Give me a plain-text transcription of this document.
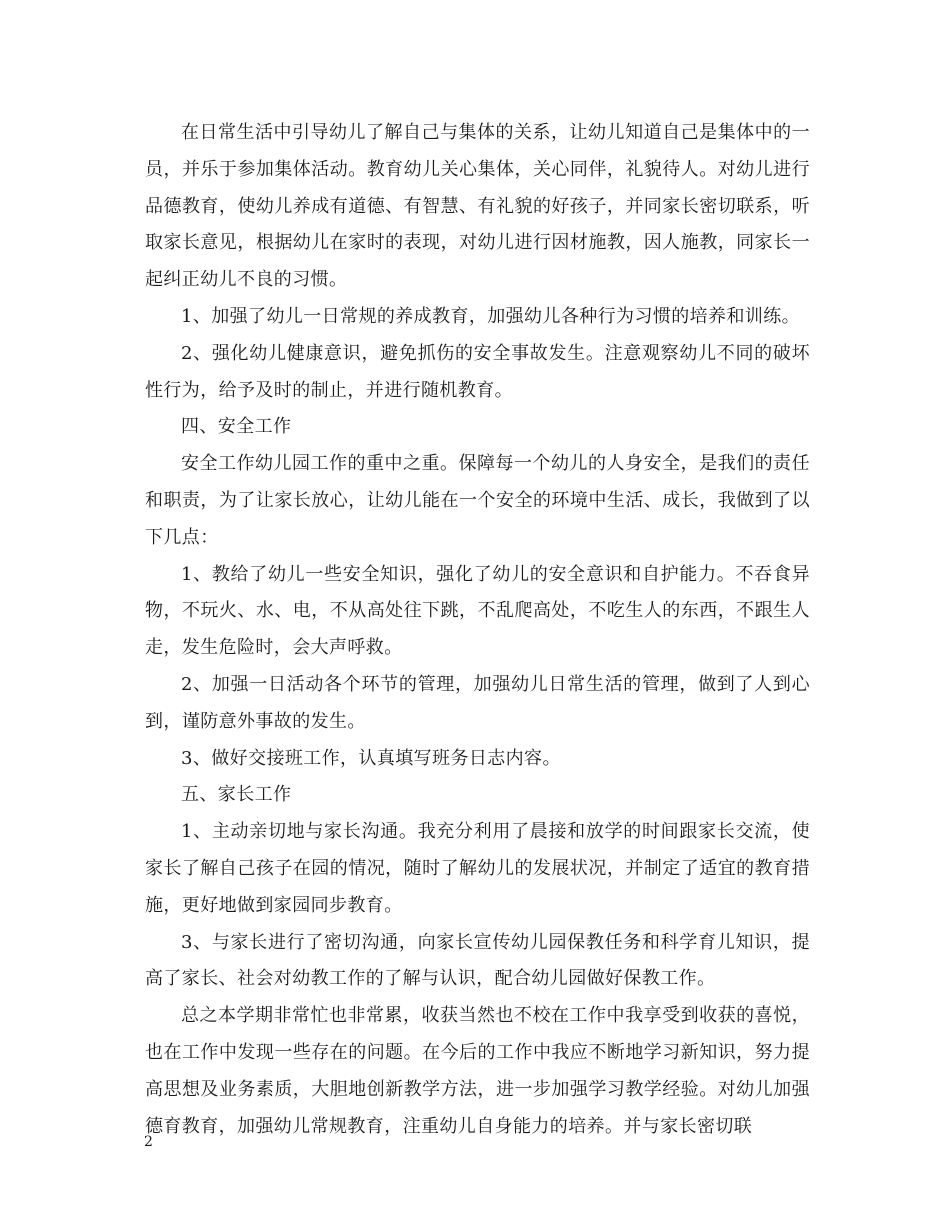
在日常生活中引导幼儿了解自己与集体的关系，让幼儿知道自己是集体中的一员，并乐于参加集体活动。教育幼儿关心集体，关心同伴，礼貌待人。对幼儿进行品德教育，使幼儿养成有道德、有智慧、有礼貌的好孩子，并同家长密切联系，听取家长意见，根据幼儿在家时的表现，对幼儿进行因材施教，因人施教，同家长一起纠正幼儿不良的习惯。

1、加强了幼儿一日常规的养成教育，加强幼儿各种行为习惯的培养和训练。

2、强化幼儿健康意识，避免抓伤的安全事故发生。注意观察幼儿不同的破坏性行为，给予及时的制止，并进行随机教育。

四、安全工作

安全工作幼儿园工作的重中之重。保障每一个幼儿的人身安全，是我们的责任和职责，为了让家长放心，让幼儿能在一个安全的环境中生活、成长，我做到了以下几点：

1、教给了幼儿一些安全知识，强化了幼儿的安全意识和自护能力。不吞食异物，不玩火、水、电，不从高处往下跳，不乱爬高处，不吃生人的东西，不跟生人走，发生危险时，会大声呼救。

2、加强一日活动各个环节的管理，加强幼儿日常生活的管理，做到了人到心到，谨防意外事故的发生。

3、做好交接班工作，认真填写班务日志内容。

五、家长工作

1、主动亲切地与家长沟通。我充分利用了晨接和放学的时间跟家长交流，使家长了解自己孩子在园的情况，随时了解幼儿的发展状况，并制定了适宜的教育措施，更好地做到家园同步教育。

3、与家长进行了密切沟通，向家长宣传幼儿园保教任务和科学育儿知识，提高了家长、社会对幼教工作的了解与认识，配合幼儿园做好保教工作。

总之本学期非常忙也非常累，收获当然也不校在工作中我享受到收获的喜悦，也在工作中发现一些存在的问题。在今后的工作中我应不断地学习新知识，努力提高思想及业务素质，大胆地创新教学方法，进一步加强学习教学经验。对幼儿加强德育教育，加强幼儿常规教育，注重幼儿自身能力的培养。并与家长密切联

2
